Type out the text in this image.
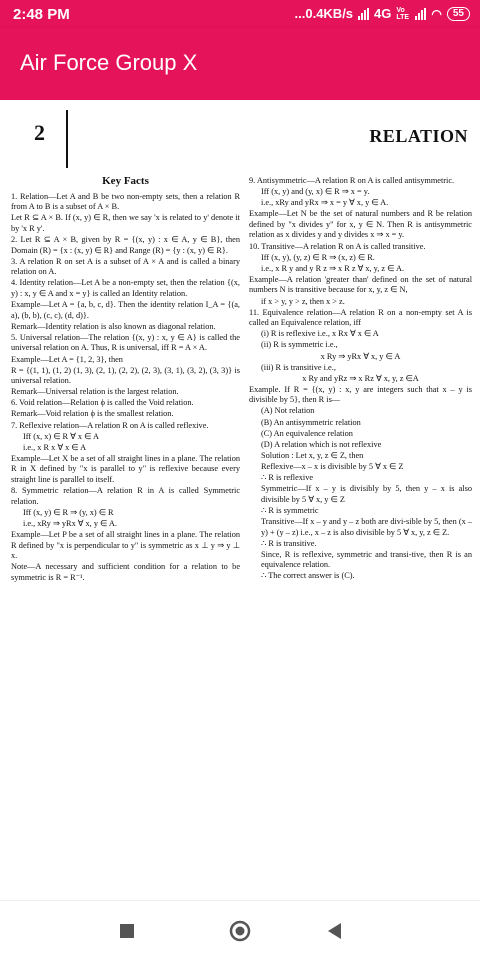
2:48 PM	...0.4KB/s 4G Vo LTE ◠	55
Air Force Group X
2	RELATION

Key Facts

1. Relation—Let A and B be two non-empty sets, then a relation R from A to B is a subset of A × B.

Let R ⊆ A × B. If (x, y) ∈ R, then we say 'x is related to y' denote it by 'x R y'.

2. Let R ⊆ A × B, given by R = {(x, y) : x ∈ A, y ∈ B}, then Domain (R) = {x : (x, y) ∈ R} and Range (R) = {y : (x, y) ∈ R}.

3. A relation R on set A is a subset of A × A and is called a binary relation on A.

4. Identity relation—Let A be a non-empty set, then the relation {(x, y) : x, y ∈ A and x = y} is called an Identity relation.

Example—Let A = {a, b, c, d}. Then the identity relation I_A = {(a, a), (b, b), (c, c), (d, d)}.

Remark—Identity relation is also known as diagonal relation.

5. Universal relation—The relation {(x, y) : x, y ∈ A} is called the universal relation on A. Thus, R is universal, iff R = A × A.

Example—Let A = {1, 2, 3}, then

R = {(1, 1), (1, 2) (1, 3), (2, 1), (2, 2), (2, 3), (3, 1), (3, 2), (3, 3)} is universal relation.

Remark—Universal relation is the largest relation.

6. Void relation—Relation ϕ is called the Void relation.

Remark—Void relation ϕ is the smallest relation.

7. Reflexive relation—A relation R on A is called reflexive.

Iff (x, x) ∈ R ∀ x ∈ A

i.e., x R x ∀ x ∈ A

Example—Let X be a set of all straight lines in a plane. The relation R in X defined by "x is parallel to y" is reflexive because every straight line is parallel to itself.

8. Symmetric relation—A relation R in A is called Symmetric relation.

Iff (x, y) ∈ R ⇒ (y, x) ∈ R

i.e., xRy ⇒ yRx ∀ x, y ∈ A.

Example—Let P be a set of all straight lines in a plane. The relation R defined by "x is perpendicular to y" is symmetric as x ⊥ y ⇒ y ⊥ x.

Note—A necessary and sufficient condition for a relation to be symmetric is R = R⁻¹.

9. Antisymmetric—A relation R on A is called antisymmetric.

Iff (x, y) and (y, x) ∈ R ⇒ x = y.

i.e., xRy and yRx ⇒ x = y ∀ x, y ∈ A.

Example—Let N be the set of natural numbers and R be relation defined by "x divides y" for x, y ∈ N. Then R is antisymmetric relation as x divides y and y divides x ⇒ x = y.

10. Transitive—A relation R on A is called transitive.

Iff (x, y), (y, z) ∈ R ⇒ (x, z) ∈ R.

i.e., x R y and y R z ⇒ x R z ∀ x, y, z ∈ A.

Example—A relation 'greater than' defined on the set of natural numbers N is transitive because for x, y, z ∈ N,

if x > y, y > z, then x > z.

11. Equivalence relation—A relation R on a non-empty set A is called an Equivalence relation, iff

(i) R is reflexive i.e., x Rx ∀ x ∈ A

(ii) R is symmetric i.e.,

x Ry ⇒ yRx ∀ x, y ∈ A

(iii) R is transitive i.e.,

x Ry and yRz ⇒ x Rz ∀ x, y, z ∈A

Example. If R = {(x, y) : x, y are integers such that x – y is divisible by 5}, then R is—

(A) Not relation

(B) An antisymmetric relation

(C) An equivalence relation

(D) A relation which is not reflexive

Solution : Let x, y, z ∈ Z, then

Reflexive—x – x is divisible by 5 ∀ x ∈ Z

∴ R is reflexive

Symmetric—If x – y is divisibly by 5, then y – x is also divisible by 5 ∀ x, y ∈ Z

∴ R is symmetric

Transitive—If x – y and y – z both are divi-sible by 5, then (x – y) + (y – z) i.e., x – z is also divisible by 5 ∀ x, y, z ∈ Z.

∴ R is transitive.

Since, R is reflexive, symmetric and transi-tive, then R is an equivalence relation.

∴ The correct answer is (C).
